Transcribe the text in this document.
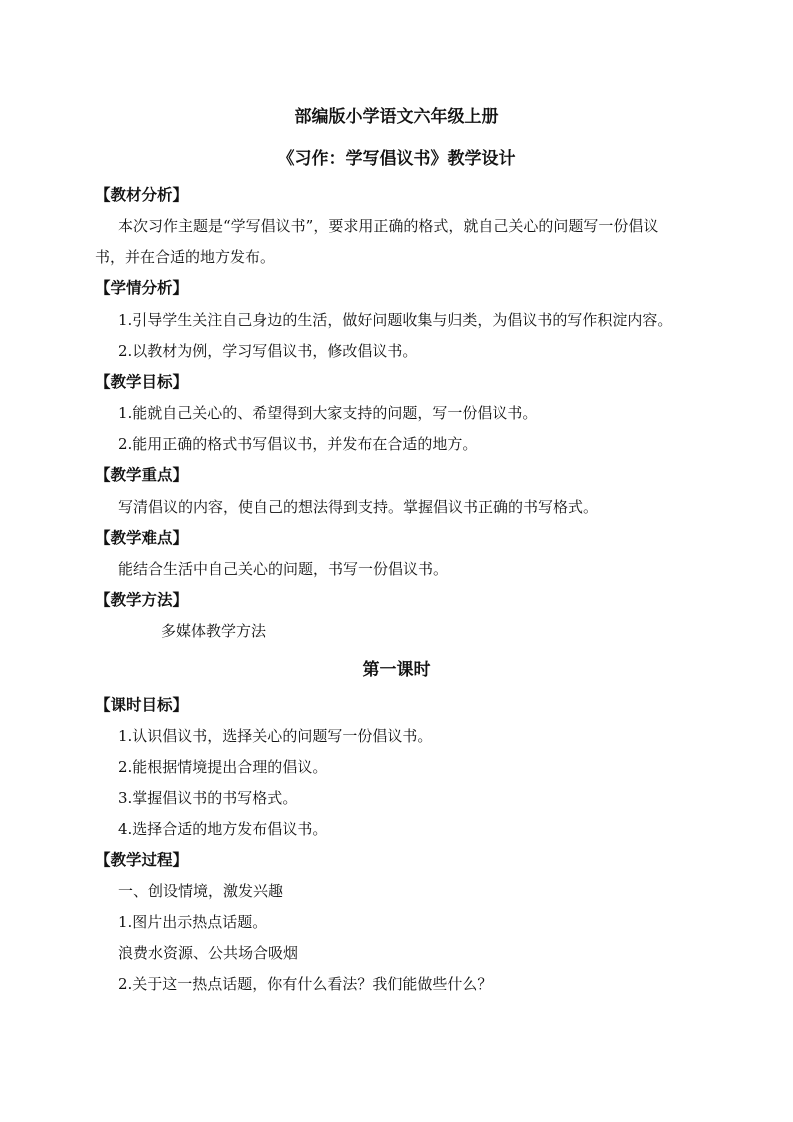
部编版小学语文六年级上册
《习作：学写倡议书》教学设计
【教材分析】
本次习作主题是“学写倡议书”，要求用正确的格式，就自己关心的问题写一份倡议
书，并在合适的地方发布。
【学情分析】
1.引导学生关注自己身边的生活，做好问题收集与归类，为倡议书的写作积淀内容。
2.以教材为例，学习写倡议书，修改倡议书。
【教学目标】
1.能就自己关心的、希望得到大家支持的问题，写一份倡议书。
2.能用正确的格式书写倡议书，并发布在合适的地方。
【教学重点】
写清倡议的内容，使自己的想法得到支持。掌握倡议书正确的书写格式。
【教学难点】
能结合生活中自己关心的问题，书写一份倡议书。
【教学方法】
多媒体教学方法
第一课时
【课时目标】
1.认识倡议书，选择关心的问题写一份倡议书。
2.能根据情境提出合理的倡议。
3.掌握倡议书的书写格式。
4.选择合适的地方发布倡议书。
【教学过程】
一、创设情境，激发兴趣
1.图片出示热点话题。
浪费水资源、公共场合吸烟
2.关于这一热点话题，你有什么看法？我们能做些什么？
